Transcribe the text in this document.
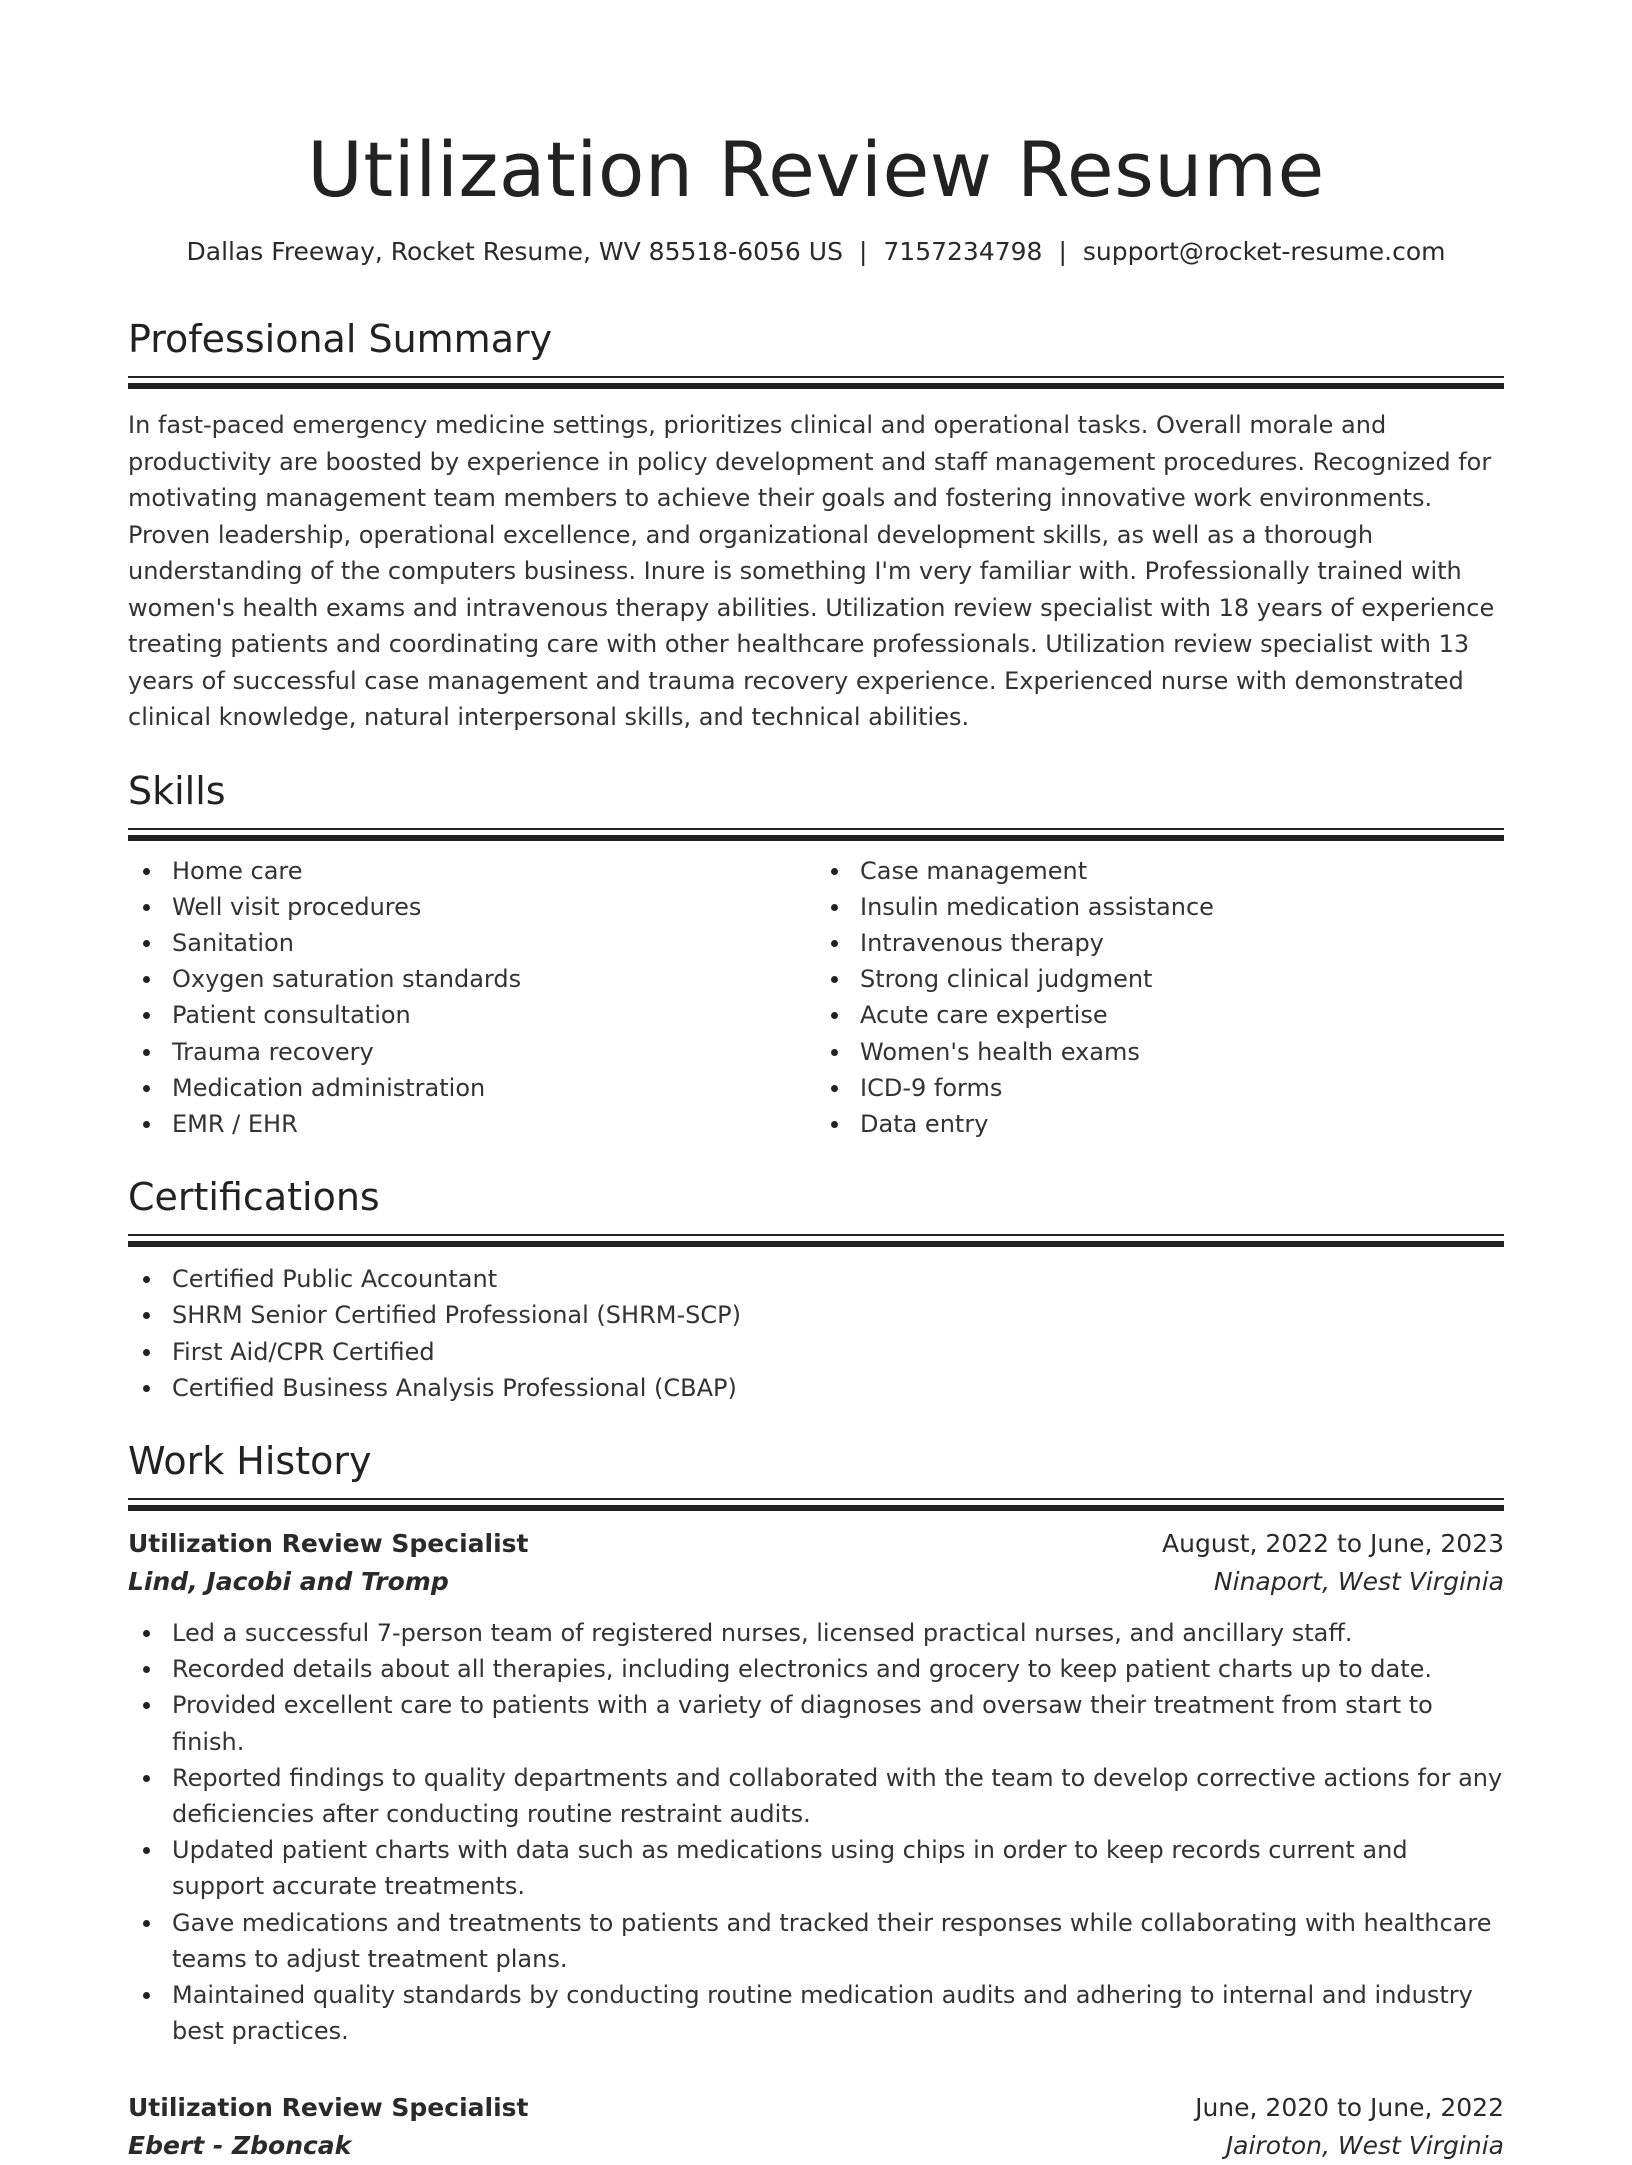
Utilization Review Resume
Dallas Freeway, Rocket Resume, WV 85518-6056 US | 7157234798 | support@rocket-resume.com
Professional Summary

In fast-paced emergency medicine settings, prioritizes clinical and operational tasks. Overall morale and productivity are boosted by experience in policy development and staff management procedures. Recognized for motivating management team members to achieve their goals and fostering innovative work environments. Proven leadership, operational excellence, and organizational development skills, as well as a thorough understanding of the computers business. Inure is something I'm very familiar with. Professionally trained with women's health exams and intravenous therapy abilities. Utilization review specialist with 18 years of experience treating patients and coordinating care with other healthcare professionals. Utilization review specialist with 13 years of successful case management and trauma recovery experience. Experienced nurse with demonstrated clinical knowledge, natural interpersonal skills, and technical abilities.

Skills
Home care
Well visit procedures
Sanitation
Oxygen saturation standards
Patient consultation
Trauma recovery
Medication administration
EMR / EHR
Case management
Insulin medication assistance
Intravenous therapy
Strong clinical judgment
Acute care expertise
Women's health exams
ICD-9 forms
Data entry
Certifications
Certified Public Accountant
SHRM Senior Certified Professional (SHRM-SCP)
First Aid/CPR Certified
Certified Business Analysis Professional (CBAP)
Work History
Utilization Review Specialist	August, 2022 to June, 2023
Lind, Jacobi and Tromp	Ninaport, West Virginia
Led a successful 7-person team of registered nurses, licensed practical nurses, and ancillary staff.
Recorded details about all therapies, including electronics and grocery to keep patient charts up to date.
Provided excellent care to patients with a variety of diagnoses and oversaw their treatment from start to finish.
Reported findings to quality departments and collaborated with the team to develop corrective actions for any deficiencies after conducting routine restraint audits.
Updated patient charts with data such as medications using chips in order to keep records current and support accurate treatments.
Gave medications and treatments to patients and tracked their responses while collaborating with healthcare teams to adjust treatment plans.
Maintained quality standards by conducting routine medication audits and adhering to internal and industry best practices.
Utilization Review Specialist	June, 2020 to June, 2022
Ebert - Zboncak	Jairoton, West Virginia
